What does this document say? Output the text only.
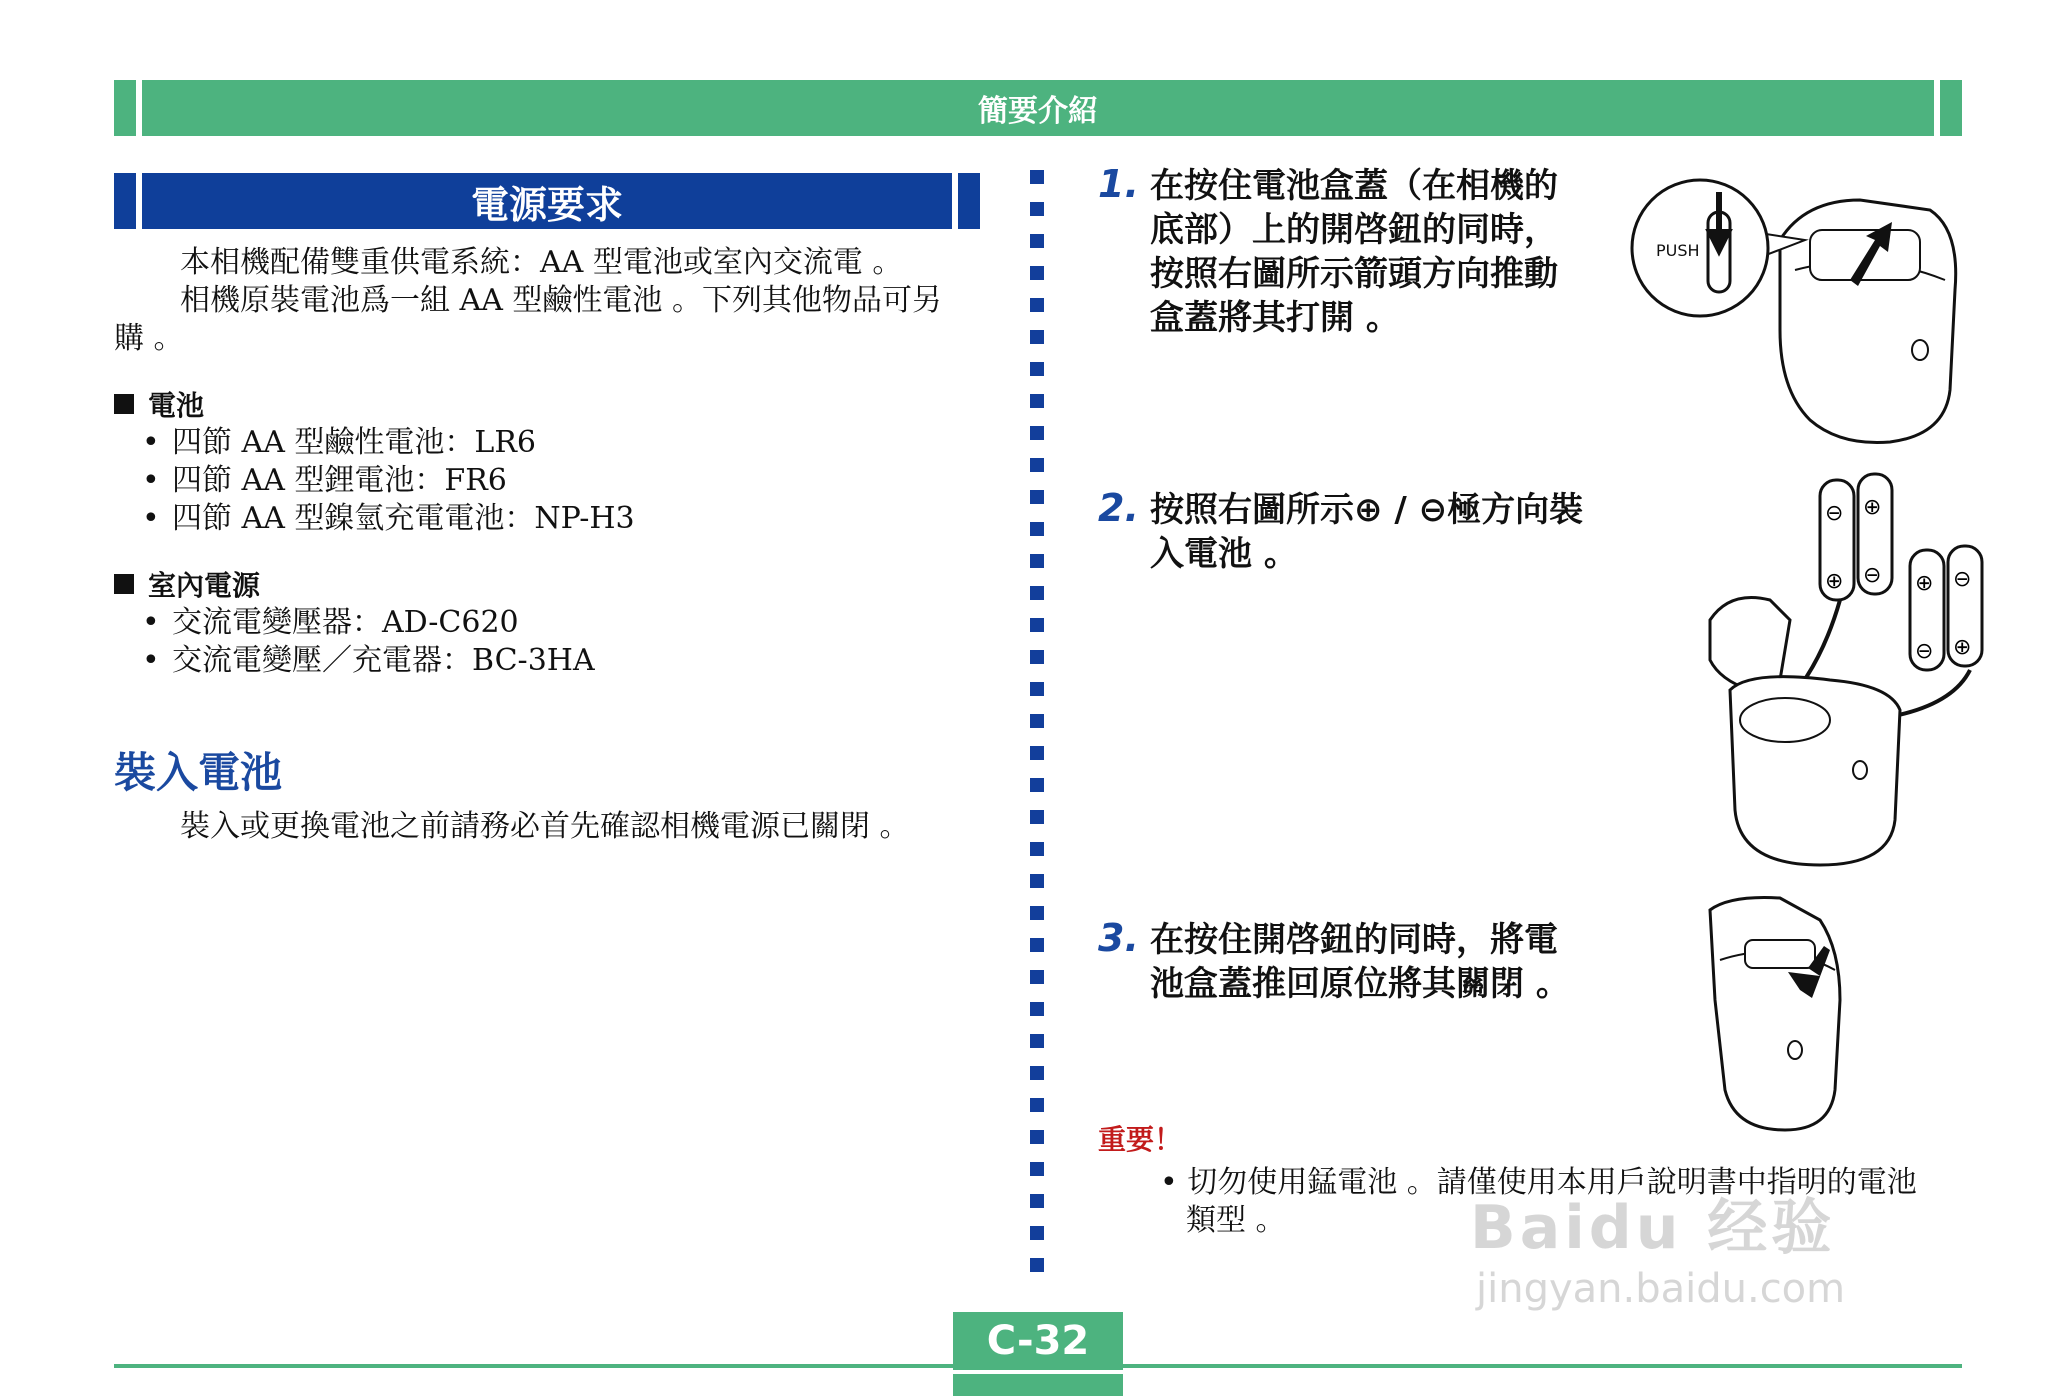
簡要介紹
電源要求
本相機配備雙重供電系統：AA 型電池或室內交流電 。
相機原裝電池爲一組 AA 型鹼性電池 。下列其他物品可另
購 。
電池
• 四節 AA 型鹼性電池：LR6
• 四節 AA 型鋰電池：FR6
• 四節 AA 型鎳氫充電電池：NP-H3
室內電源
• 交流電變壓器：AD-C620
• 交流電變壓／充電器：BC-3HA
裝入電池
裝入或更換電池之前請務必首先確認相機電源已關閉 。
1. 在按住電池盒蓋（在相機的
底部）上的開啓鈕的同時，
按照右圖所示箭頭方向推動
盒蓋將其打開 。
2. 按照右圖所示⊕ / ⊖極方向裝
入電池 。
3. 在按住開啓鈕的同時，將電
池盒蓋推回原位將其關閉 。
PUSH
⊖ ⊕
⊕ ⊖ ⊕ ⊖
⊖ ⊕
重要！
• 切勿使用錳電池 。請僅使用本用戶說明書中指明的電池
類型 。	Baidu 经验
jingyan.baidu.com
C-32
